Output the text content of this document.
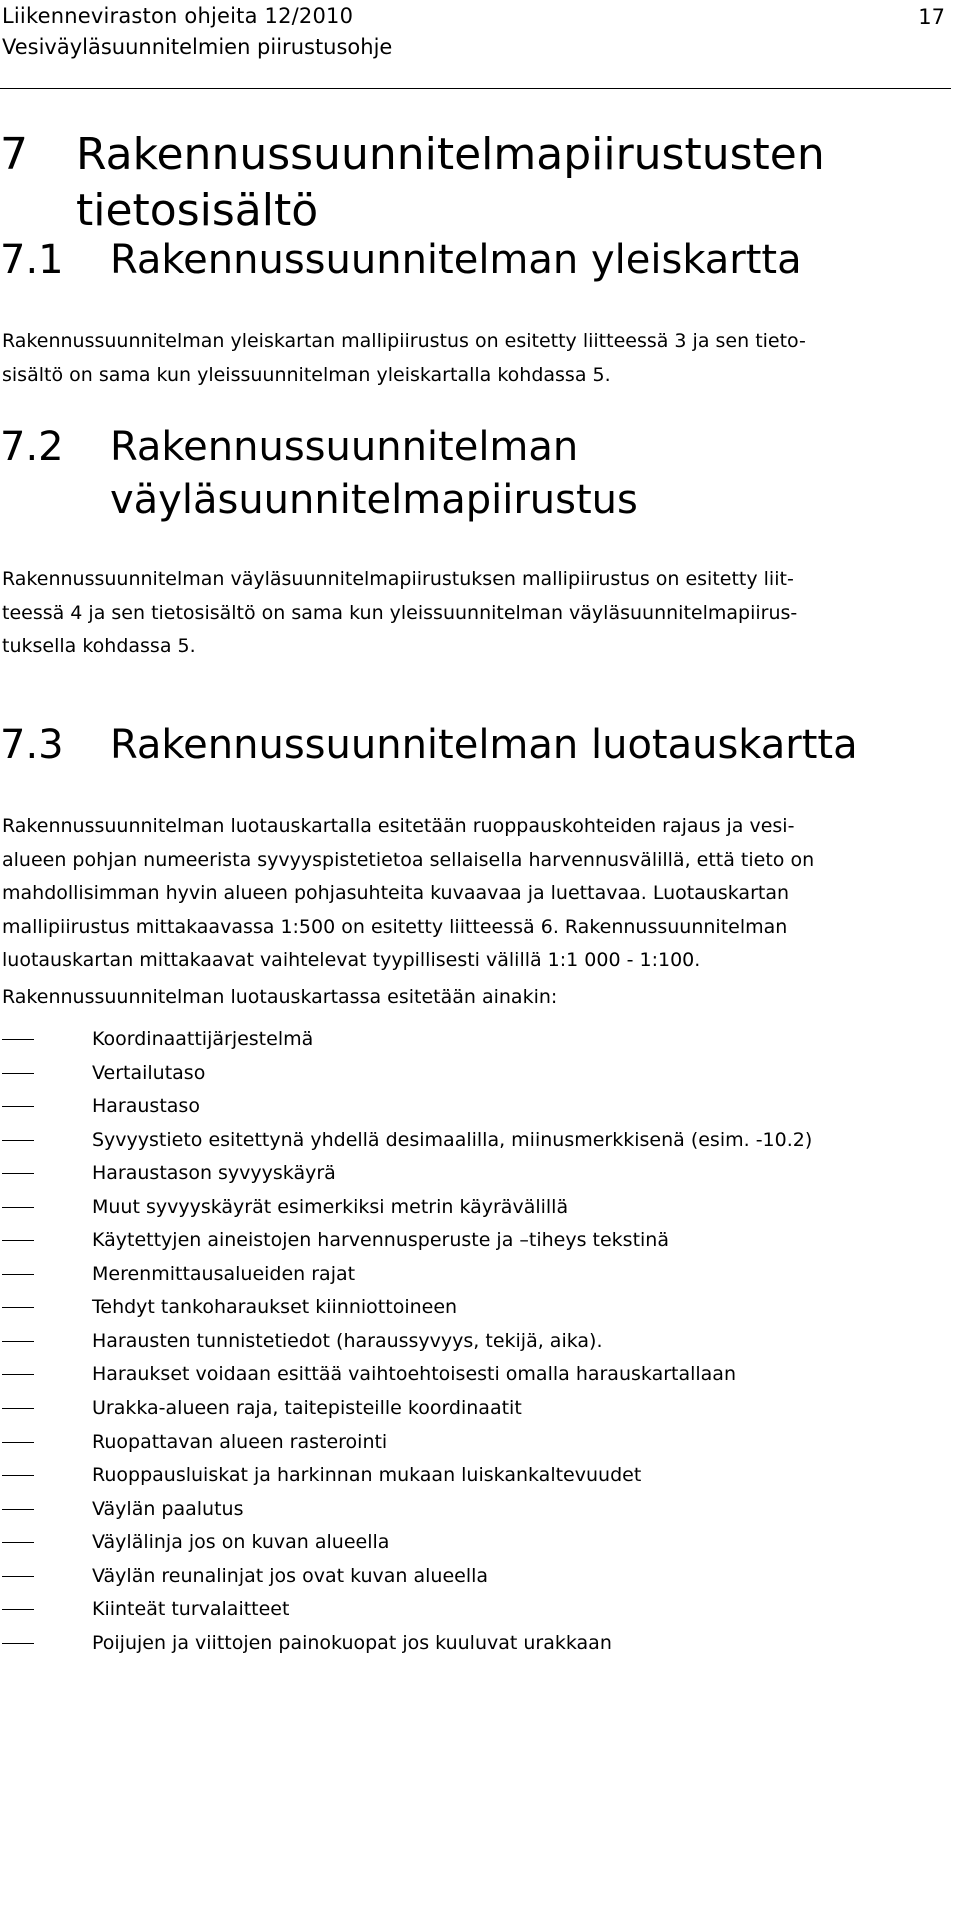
Liikenneviraston ohjeita 12/2010
Vesiväyläsuunnitelmien piirustusohje
17
7 Rakennussuunnitelmapiirustusten
tietosisältö
7.1 Rakennussuunnitelman yleiskartta
Rakennussuunnitelman yleiskartan mallipiirustus on esitetty liitteessä 3 ja sen tieto-
sisältö on sama kun yleissuunnitelman yleiskartalla kohdassa 5.
7.2 Rakennussuunnitelman
väyläsuunnitelmapiirustus
Rakennussuunnitelman väyläsuunnitelmapiirustuksen mallipiirustus on esitetty liit-
teessä 4 ja sen tietosisältö on sama kun yleissuunnitelman väyläsuunnitelmapiirus-
tuksella kohdassa 5.
7.3 Rakennussuunnitelman luotauskartta
Rakennussuunnitelman luotauskartalla esitetään ruoppauskohteiden rajaus ja vesi-
alueen pohjan numeerista syvyyspistetietoa sellaisella harvennusvälillä, että tieto on
mahdollisimman hyvin alueen pohjasuhteita kuvaavaa ja luettavaa. Luotauskartan
mallipiirustus mittakaavassa 1:500 on esitetty liitteessä 6. Rakennussuunnitelman
luotauskartan mittakaavat vaihtelevat tyypillisesti välillä 1:1 000 - 1:100.
Rakennussuunnitelman luotauskartassa esitetään ainakin:
Koordinaattijärjestelmä
Vertailutaso
Haraustaso
Syvyystieto esitettynä yhdellä desimaalilla, miinusmerkkisenä (esim. -10.2)
Haraustason syvyyskäyrä
Muut syvyyskäyrät esimerkiksi metrin käyrävälillä
Käytettyjen aineistojen harvennusperuste ja –tiheys tekstinä
Merenmittausalueiden rajat
Tehdyt tankoharaukset kiinniottoineen
Harausten tunnistetiedot (haraussyvyys, tekijä, aika).
Haraukset voidaan esittää vaihtoehtoisesti omalla harauskartallaan
Urakka-alueen raja, taitepisteille koordinaatit
Ruopattavan alueen rasterointi
Ruoppausluiskat ja harkinnan mukaan luiskankaltevuudet
Väylän paalutus
Väylälinja jos on kuvan alueella
Väylän reunalinjat jos ovat kuvan alueella
Kiinteät turvalaitteet
Poijujen ja viittojen painokuopat jos kuuluvat urakkaan
